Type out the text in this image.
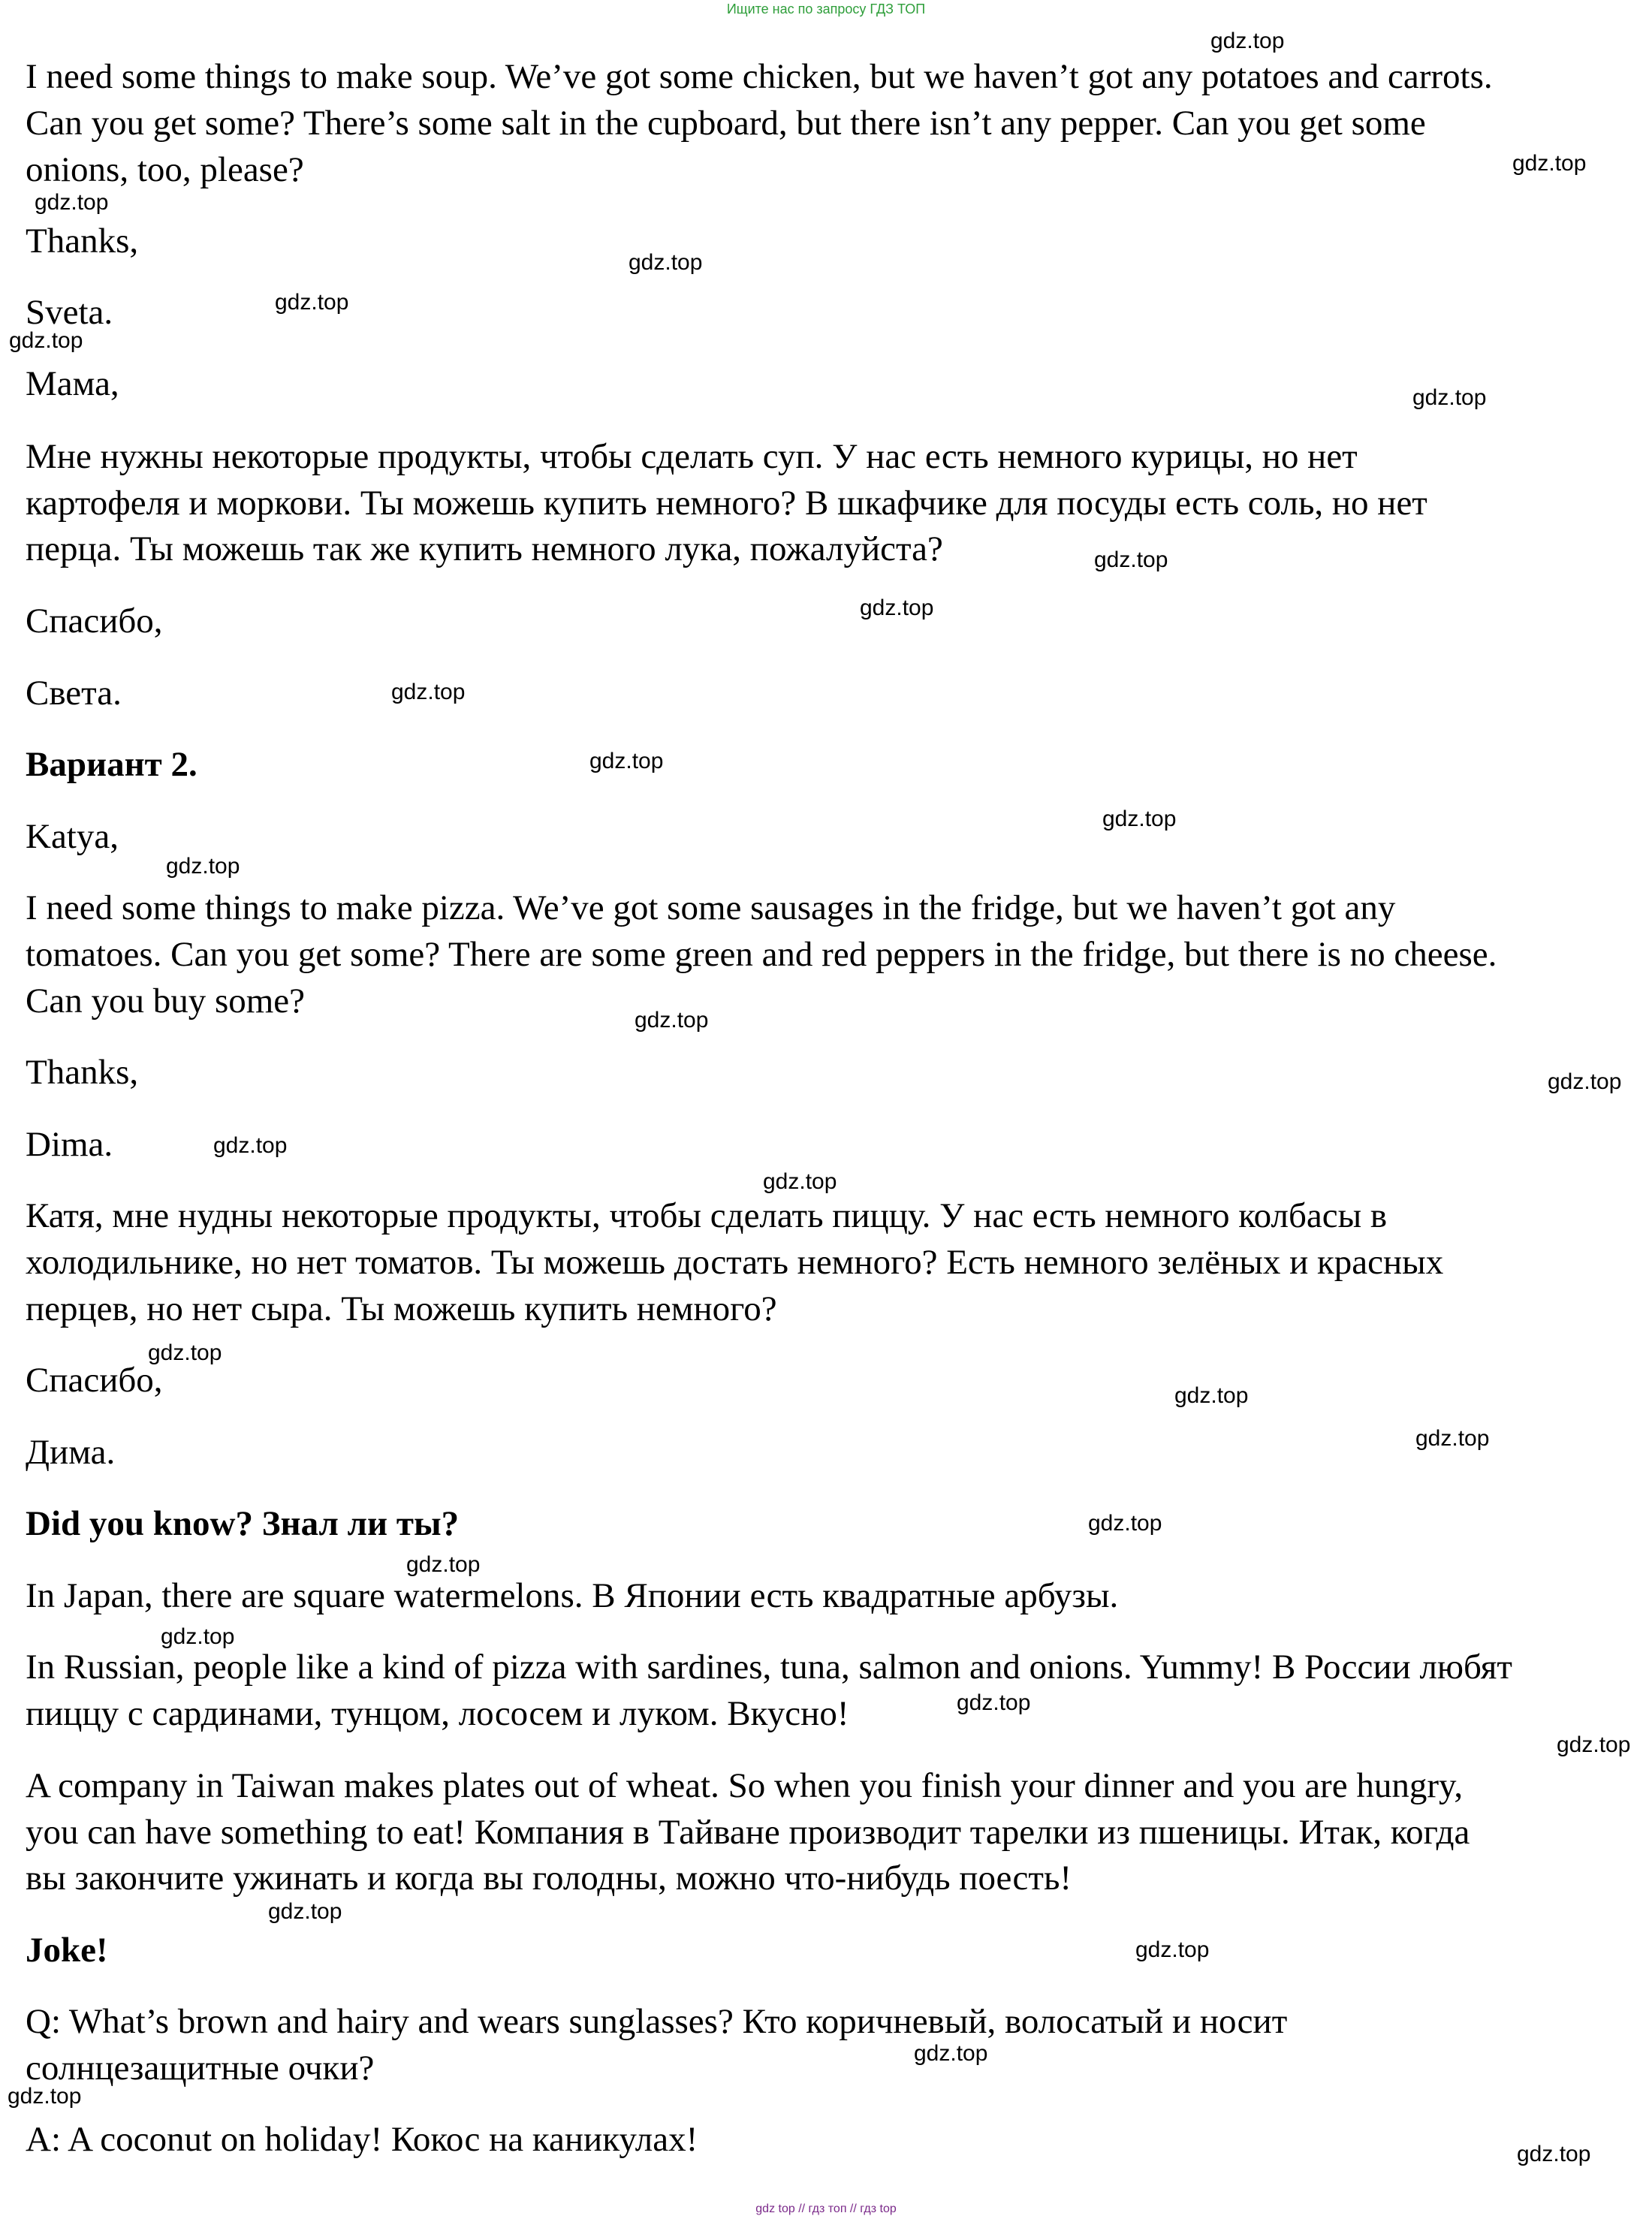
Ищите нас по запросу ГДЗ ТОП

I need some things to make soup. We’ve got some chicken, but we haven’t got any potatoes and carrots.

Can you get some? There’s some salt in the cupboard, but there isn’t any pepper. Can you get some

onions, too, please?

Thanks,

Sveta.

Мама,

Мне нужны некоторые продукты, чтобы сделать суп. У нас есть немного курицы, но нет

картофеля и моркови. Ты можешь купить немного? В шкафчике для посуды есть соль, но нет

перца. Ты можешь так же купить немного лука, пожалуйста?

Спасибо,

Света.

Вариант 2.

Katya,

I need some things to make pizza. We’ve got some sausages in the fridge, but we haven’t got any

tomatoes. Can you get some? There are some green and red peppers in the fridge, but there is no cheese.

Can you buy some?

Thanks,

Dima.

Катя, мне нудны некоторые продукты, чтобы сделать пиццу. У нас есть немного колбасы в

холодильнике, но нет томатов. Ты можешь достать немного? Есть немного зелёных и красных

перцев, но нет сыра. Ты можешь купить немного?

Спасибо,

Дима.

Did you know? Знал ли ты?

In Japan, there are square watermelons. В Японии есть квадратные арбузы.

In Russian, people like a kind of pizza with sardines, tuna, salmon and onions. Yummy! В России любят

пиццу с сардинами, тунцом, лососем и луком. Вкусно!

A company in Taiwan makes plates out of wheat. So when you finish your dinner and you are hungry,

you can have something to eat! Компания в Тайване производит тарелки из пшеницы. Итак, когда

вы закончите ужинать и когда вы голодны, можно что-нибудь поесть!

Joke!

Q: What’s brown and hairy and wears sunglasses? Кто коричневый, волосатый и носит

солнцезащитные очки?

A: A coconut on holiday! Кокос на каникулах!

gdz.top

gdz.top

gdz.top

gdz.top

gdz.top

gdz.top

gdz.top

gdz.top

gdz.top

gdz.top

gdz.top

gdz.top

gdz.top

gdz.top

gdz.top

gdz.top

gdz.top

gdz.top

gdz.top

gdz.top

gdz.top

gdz.top

gdz.top

gdz.top

gdz.top

gdz.top

gdz.top

gdz.top

gdz.top

gdz.top

gdz top // гдз топ // гдз top
